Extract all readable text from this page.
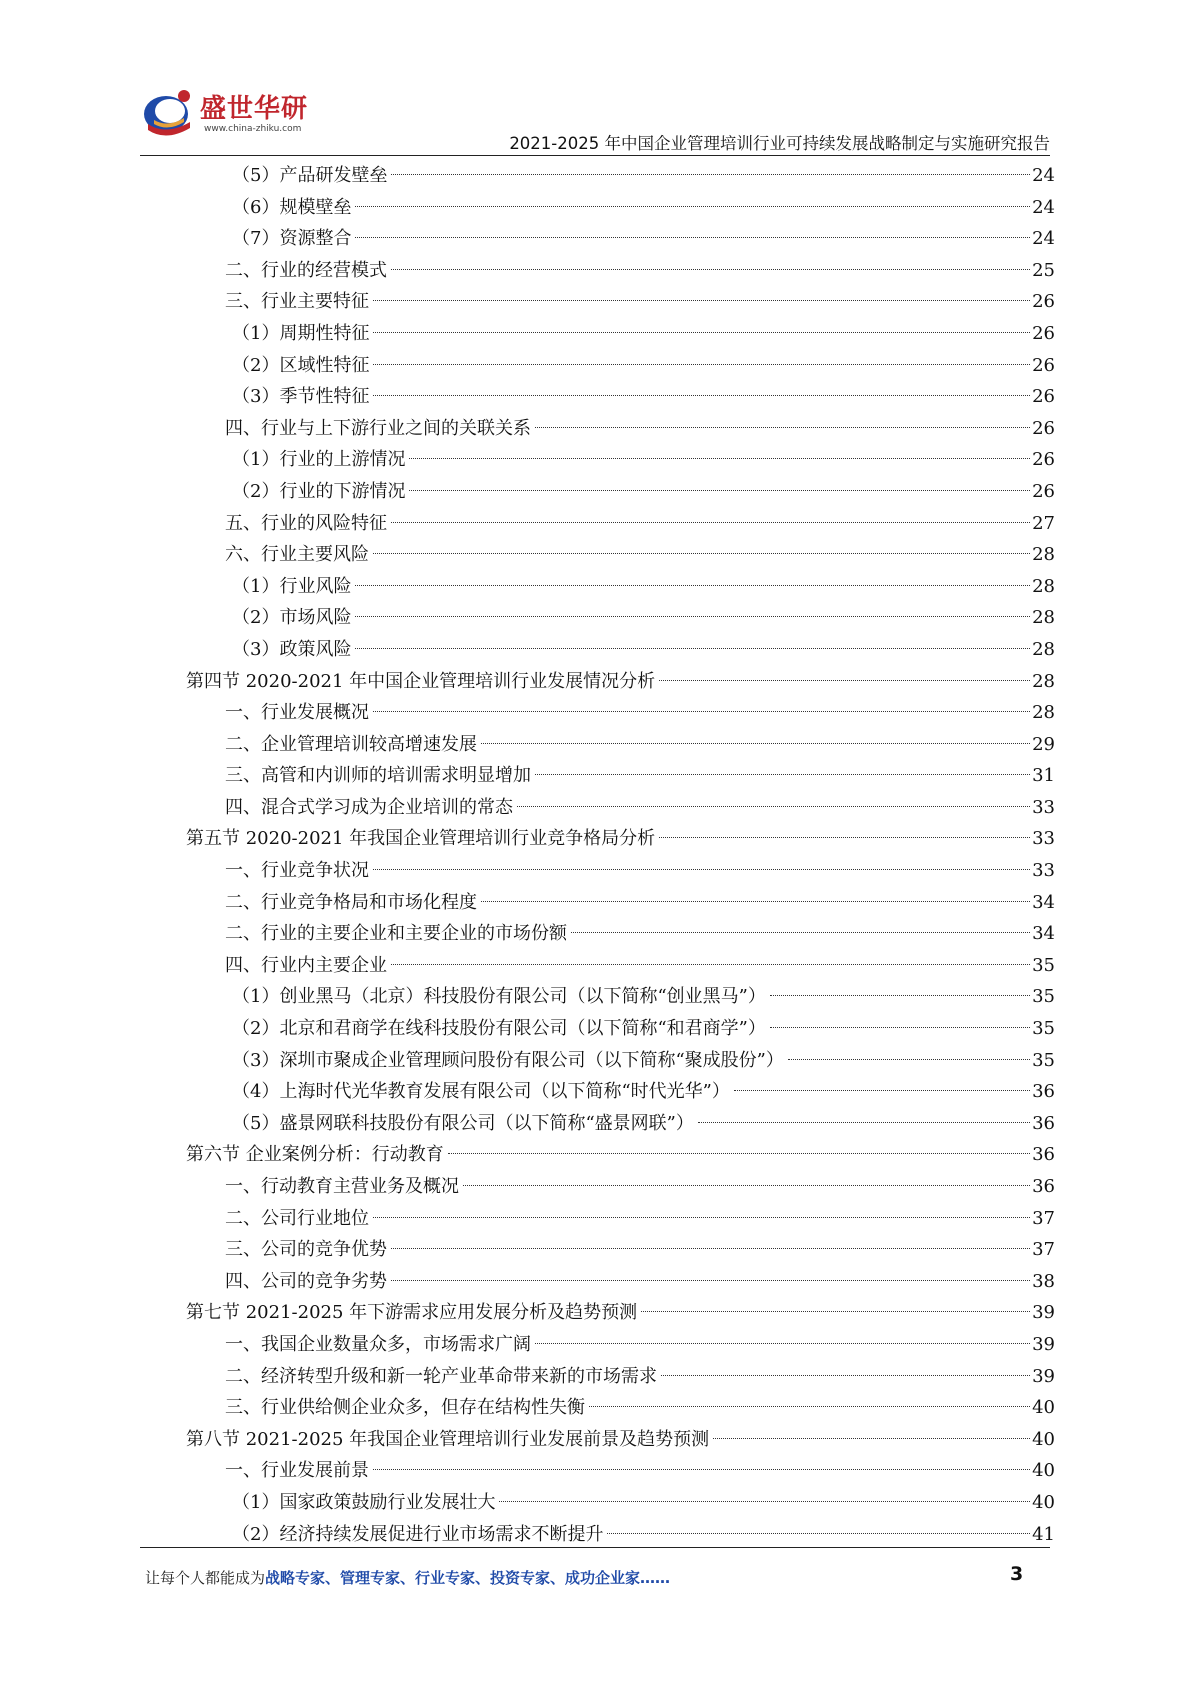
盛世华研
www.china-zhiku.com
2021-2025 年中国企业管理培训行业可持续发展战略制定与实施研究报告
（5）产品研发壁垒	24
（6）规模壁垒	24
（7）资源整合	24
二、行业的经营模式	25
三、行业主要特征	26
（1）周期性特征	26
（2）区域性特征	26
（3）季节性特征	26
四、行业与上下游行业之间的关联关系	26
（1）行业的上游情况	26
（2）行业的下游情况	26
五、行业的风险特征	27
六、行业主要风险	28
（1）行业风险	28
（2）市场风险	28
（3）政策风险	28
第四节 2020-2021 年中国企业管理培训行业发展情况分析	28
一、行业发展概况	28
二、企业管理培训较高增速发展	29
三、高管和内训师的培训需求明显增加	31
四、混合式学习成为企业培训的常态	33
第五节 2020-2021 年我国企业管理培训行业竞争格局分析	33
一、行业竞争状况	33
二、行业竞争格局和市场化程度	34
二、行业的主要企业和主要企业的市场份额	34
四、行业内主要企业	35
（1）创业黑马（北京）科技股份有限公司（以下简称“创业黑马”）	35
（2）北京和君商学在线科技股份有限公司（以下简称“和君商学”）	35
（3）深圳市聚成企业管理顾问股份有限公司（以下简称“聚成股份”）	35
（4）上海时代光华教育发展有限公司（以下简称“时代光华”）	36
（5）盛景网联科技股份有限公司（以下简称“盛景网联”）	36
第六节 企业案例分析：行动教育	36
一、行动教育主营业务及概况	36
二、公司行业地位	37
三、公司的竞争优势	37
四、公司的竞争劣势	38
第七节 2021-2025 年下游需求应用发展分析及趋势预测	39
一、我国企业数量众多，市场需求广阔	39
二、经济转型升级和新一轮产业革命带来新的市场需求	39
三、行业供给侧企业众多，但存在结构性失衡	40
第八节 2021-2025 年我国企业管理培训行业发展前景及趋势预测	40
一、行业发展前景	40
（1）国家政策鼓励行业发展壮大	40
（2）经济持续发展促进行业市场需求不断提升	41
让每个人都能成为战略专家、管理专家、行业专家、投资专家、成功企业家……	3
